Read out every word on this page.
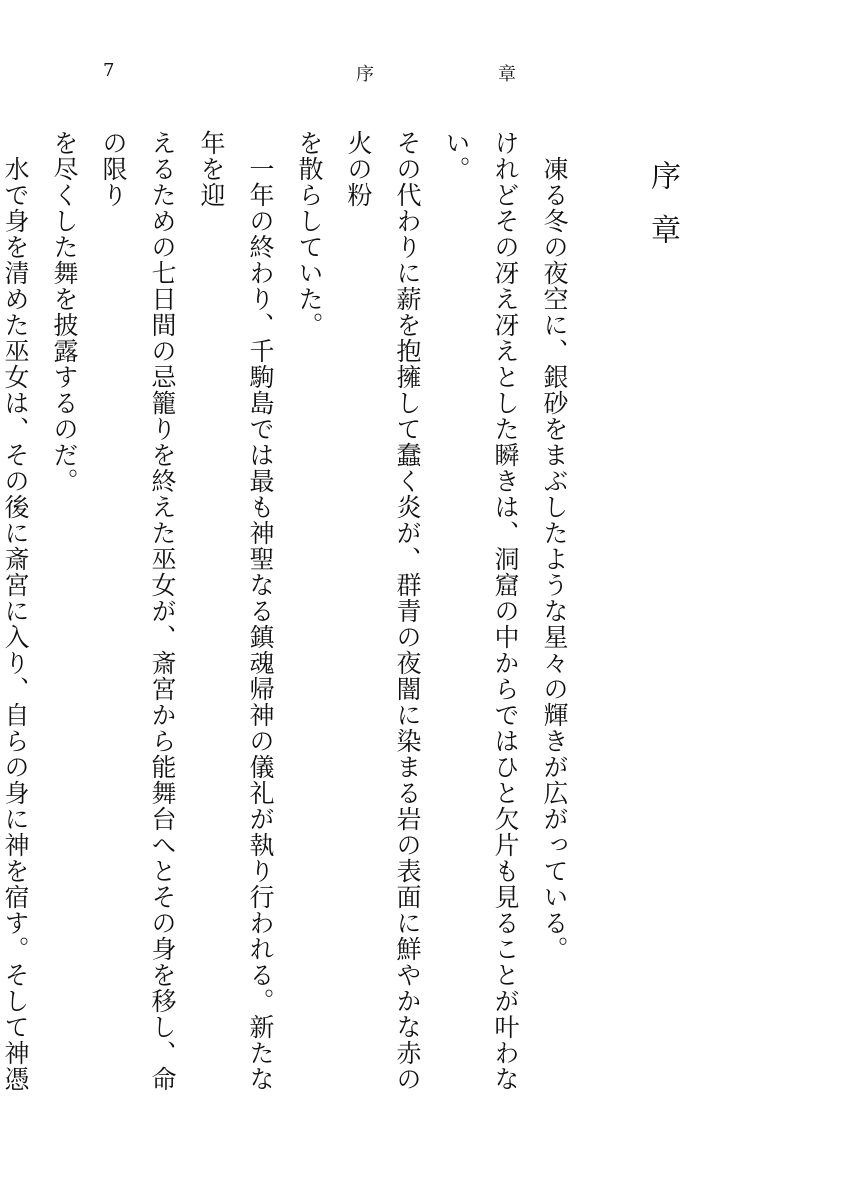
7	序	章
序章

　凍る冬の夜空に、銀砂をまぶしたような星々の輝きが広がっている。

けれどその冴え冴えとした瞬きは、洞窟の中からではひと欠片も見ることが叶わない。

その代わりに薪を抱擁して蠢く炎が、群青の夜闇に染まる岩の表面に鮮やかな赤の火の粉

を散らしていた。

　一年の終わり、千駒島では最も神聖なる鎮魂帰神の儀礼が執り行われる。新たな年を迎

えるための七日間の忌籠りを終えた巫女が、斎宮から能舞台へとその身を移し、命の限り

を尽くした舞を披露するのだ。

　水で身を清めた巫女は、その後に斎宮に入り、自らの身に神を宿す。そして神憑
